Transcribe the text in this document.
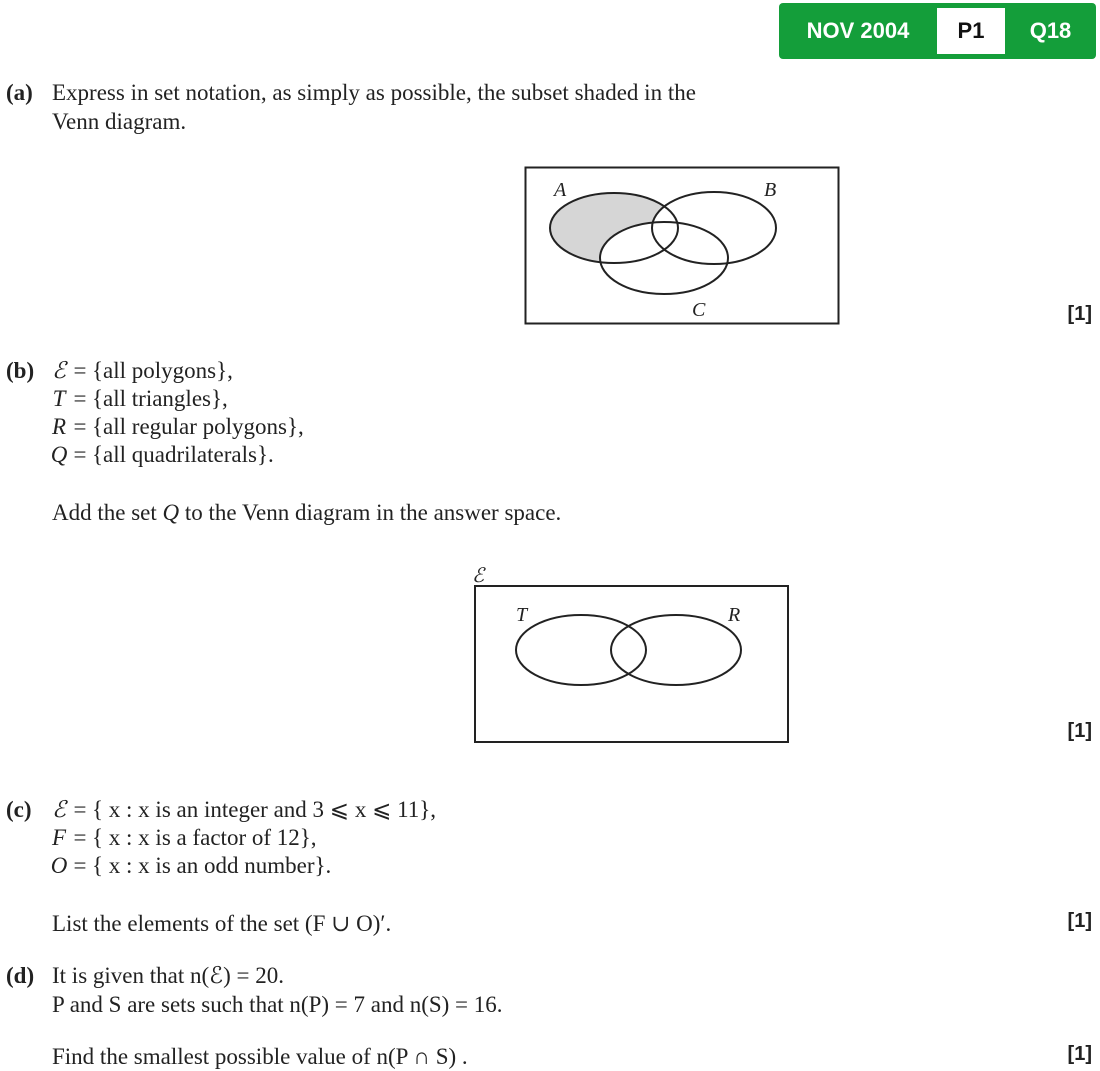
NOV 2004	P1	Q18
(a) Express in set notation, as simply as possible, the subset shaded in the
Venn diagram.
A	B
C	[1]
(b) ℰ = {all polygons},
T = {all triangles},
R = {all regular polygons},
Q = {all quadrilaterals}.
Add the set Q to the Venn diagram in the answer space.
ℰ
T	R
[1]
(c) ℰ = { x : x is an integer and 3 ⩽ x ⩽ 11},
F = { x : x is a factor of 12},
O = { x : x is an odd number}.
List the elements of the set (F ∪ O)′.	[1]
(d) It is given that n(ℰ) = 20.
P and S are sets such that n(P) = 7 and n(S) = 16.
Find the smallest possible value of n(P ∩ S) .	[1]
